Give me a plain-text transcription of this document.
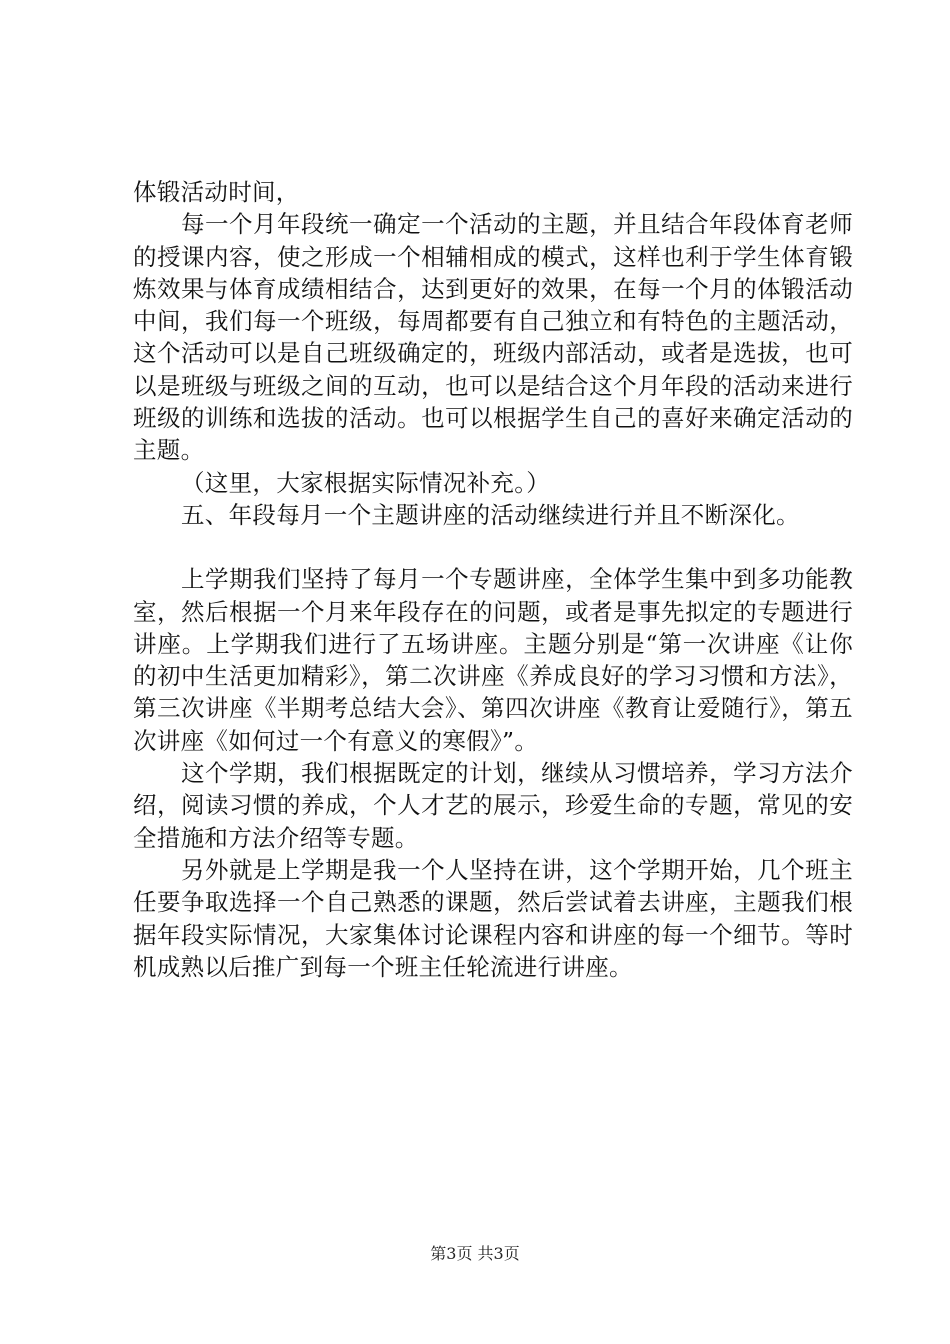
体锻活动时间，

每一个月年段统一确定一个活动的主题，并且结合年段体育老师的授课内容，使之形成一个相辅相成的模式，这样也利于学生体育锻炼效果与体育成绩相结合，达到更好的效果，在每一个月的体锻活动中间，我们每一个班级，每周都要有自己独立和有特色的主题活动，这个活动可以是自己班级确定的，班级内部活动，或者是选拔，也可以是班级与班级之间的互动，也可以是结合这个月年段的活动来进行班级的训练和选拔的活动。也可以根据学生自己的喜好来确定活动的主题。

（这里，大家根据实际情况补充。）

五、年段每月一个主题讲座的活动继续进行并且不断深化。

上学期我们坚持了每月一个专题讲座，全体学生集中到多功能教室，然后根据一个月来年段存在的问题，或者是事先拟定的专题进行讲座。上学期我们进行了五场讲座。主题分别是“第一次讲座《让你的初中生活更加精彩》，第二次讲座《养成良好的学习习惯和方法》，第三次讲座《半期考总结大会》、第四次讲座《教育让爱随行》，第五次讲座《如何过一个有意义的寒假》”。

这个学期，我们根据既定的计划，继续从习惯培养，学习方法介绍，阅读习惯的养成，个人才艺的展示，珍爱生命的专题，常见的安全措施和方法介绍等专题。

另外就是上学期是我一个人坚持在讲，这个学期开始，几个班主任要争取选择一个自己熟悉的课题，然后尝试着去讲座，主题我们根据年段实际情况，大家集体讨论课程内容和讲座的每一个细节。等时机成熟以后推广到每一个班主任轮流进行讲座。

第3页 共3页
